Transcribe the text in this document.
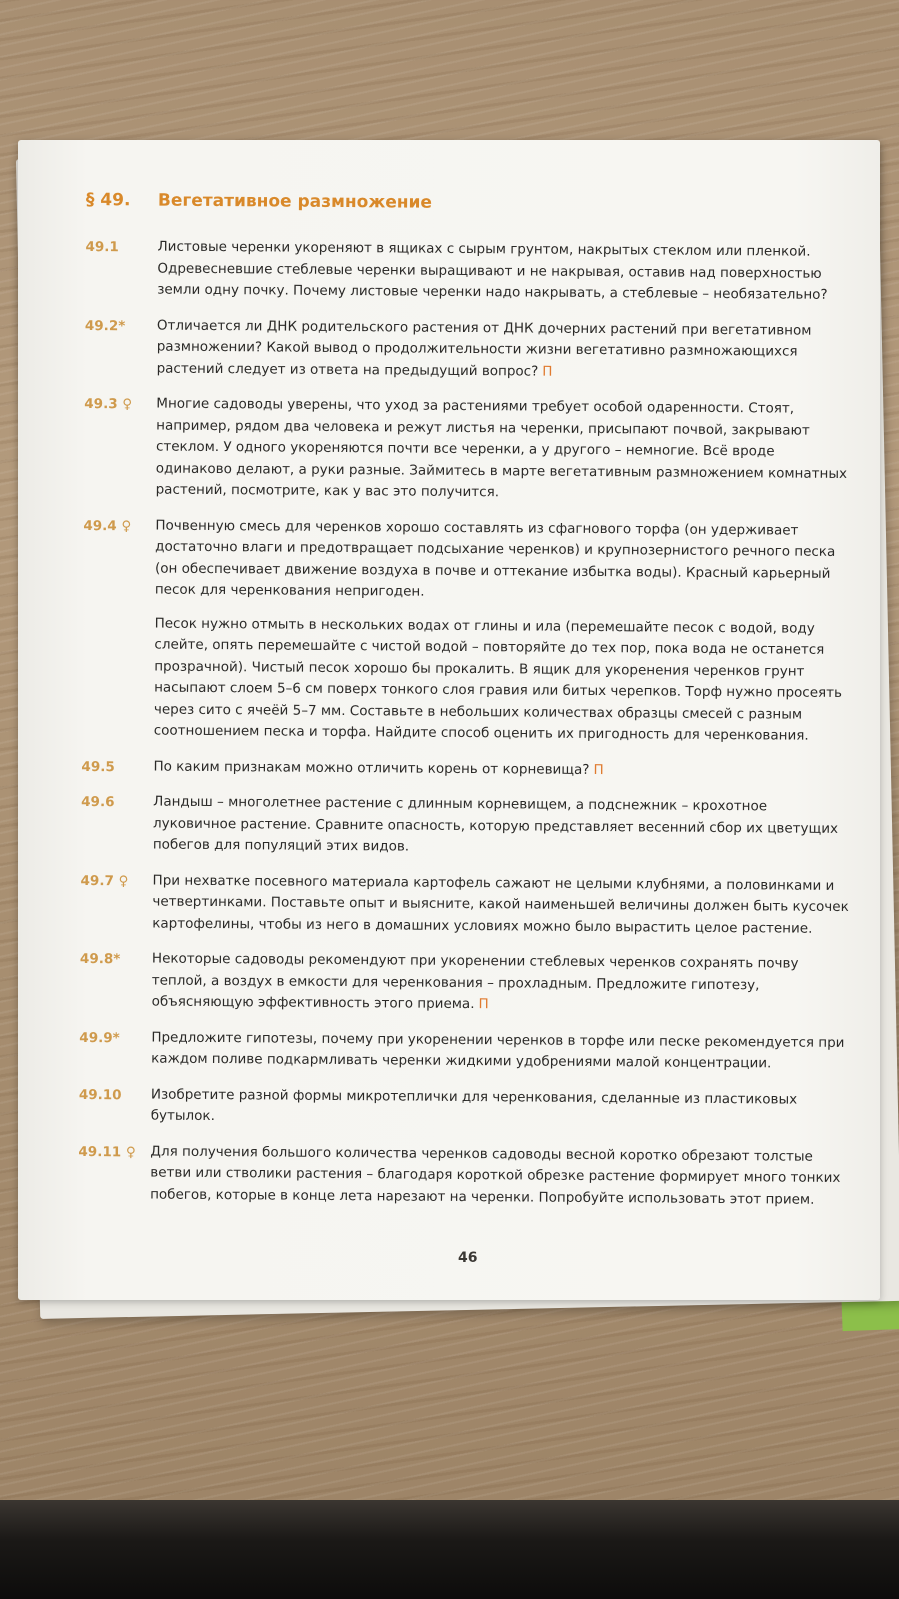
§ 49. Вегетативное размножение
49.1	Листовые черенки укореняют в ящиках с сырым грунтом, накрытых стеклом или пленкой. Одревесневшие стеблевые черенки выращивают и не накрывая, оставив над поверхностью земли одну почку. Почему листовые черенки надо накрывать, а стеблевые – необязательно?

49.2*	Отличается ли ДНК родительского растения от ДНК дочерних растений при вегетативном размножении? Какой вывод о продолжительности жизни вегетативно размножающихся растений следует из ответа на предыдущий вопрос? П

49.3 ♀	Многие садоводы уверены, что уход за растениями требует особой одаренности. Стоят, например, рядом два человека и режут листья на черенки, присыпают почвой, закрывают стеклом. У одного укореняются почти все черенки, а у другого – немногие. Всё вроде одинаково делают, а руки разные. Займитесь в марте вегетативным размножением комнатных растений, посмотрите, как у вас это получится.

49.4 ♀	Почвенную смесь для черенков хорошо составлять из сфагнового торфа (он удерживает достаточно влаги и предотвращает подсыхание черенков) и крупнозернистого речного песка (он обеспечивает движение воздуха в почве и оттекание избытка воды). Красный карьерный песок для черенкования непригоден.

Песок нужно отмыть в нескольких водах от глины и ила (перемешайте песок с водой, воду слейте, опять перемешайте с чистой водой – повторяйте до тех пор, пока вода не останется прозрачной). Чистый песок хорошо бы прокалить. В ящик для укоренения черенков грунт насыпают слоем 5–6 см поверх тонкого слоя гравия или битых черепков. Торф нужно просеять через сито с ячеёй 5–7 мм. Составьте в небольших количествах образцы смесей с разным соотношением песка и торфа. Найдите способ оценить их пригодность для черенкования.

49.5	По каким признакам можно отличить корень от корневища? П

49.6	Ландыш – многолетнее растение с длинным корневищем, а подснежник – крохотное луковичное растение. Сравните опасность, которую представляет весенний сбор их цветущих побегов для популяций этих видов.

49.7 ♀	При нехватке посевного материала картофель сажают не целыми клубнями, а половинками и четвертинками. Поставьте опыт и выясните, какой наименьшей величины должен быть кусочек картофелины, чтобы из него в домашних условиях можно было вырастить целое растение.

49.8*	Некоторые садоводы рекомендуют при укоренении стеблевых черенков сохранять почву теплой, а воздух в емкости для черенкования – прохладным. Предложите гипотезу, объясняющую эффективность этого приема. П

49.9*	Предложите гипотезы, почему при укоренении черенков в торфе или песке рекомендуется при каждом поливе подкармливать черенки жидкими удобрениями малой концентрации.

49.10	Изобретите разной формы микротеплички для черенкования, сделанные из пластиковых бутылок.

49.11 ♀	Для получения большого количества черенков садоводы весной коротко обрезают толстые ветви или стволики растения – благодаря короткой обрезке растение формирует много тонких побегов, которые в конце лета нарезают на черенки. Попробуйте использовать этот прием.

46
